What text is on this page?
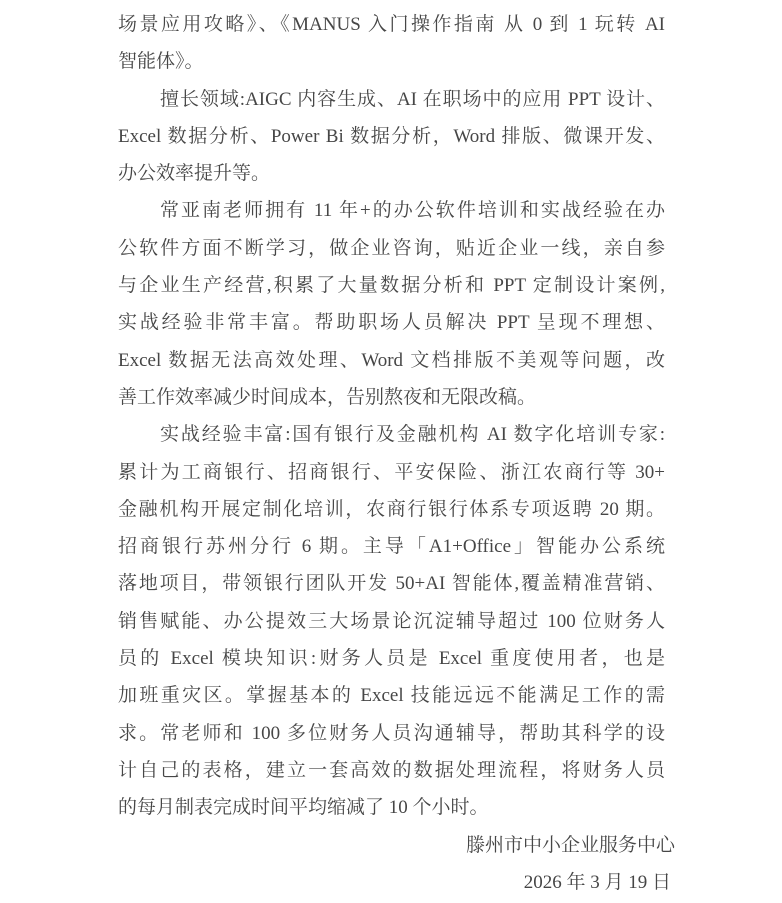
场景应用攻略》、《MANUS 入门操作指南 从 0 到 1 玩转 AI
智能体》。
擅长领域:AIGC 内容生成、AI 在职场中的应用 PPT 设计、
Excel 数据分析、Power Bi 数据分析，Word 排版、微课开发、
办公效率提升等。
常亚南老师拥有 11 年+的办公软件培训和实战经验在办
公软件方面不断学习，做企业咨询，贴近企业一线，亲自参
与企业生产经营,积累了大量数据分析和 PPT 定制设计案例,
实战经验非常丰富。帮助职场人员解决 PPT 呈现不理想、
Excel 数据无法高效处理、Word 文档排版不美观等问题，改
善工作效率减少时间成本，告别熬夜和无限改稿。
实战经验丰富:国有银行及金融机构 AI 数字化培训专家:
累计为工商银行、招商银行、平安保险、浙江农商行等 30+
金融机构开展定制化培训，农商行银行体系专项返聘 20 期。
招商银行苏州分行 6 期。主导「A1+Office」智能办公系统
落地项目，带领银行团队开发 50+AI 智能体,覆盖精准营销、
销售赋能、办公提效三大场景论沉淀辅导超过 100 位财务人
员的 Excel 模块知识:财务人员是 Excel 重度使用者，也是
加班重灾区。掌握基本的 Excel 技能远远不能满足工作的需
求。常老师和 100 多位财务人员沟通辅导，帮助其科学的设
计自己的表格，建立一套高效的数据处理流程，将财务人员
的每月制表完成时间平均缩减了 10 个小时。
滕州市中小企业服务中心
2026 年 3 月 19 日
